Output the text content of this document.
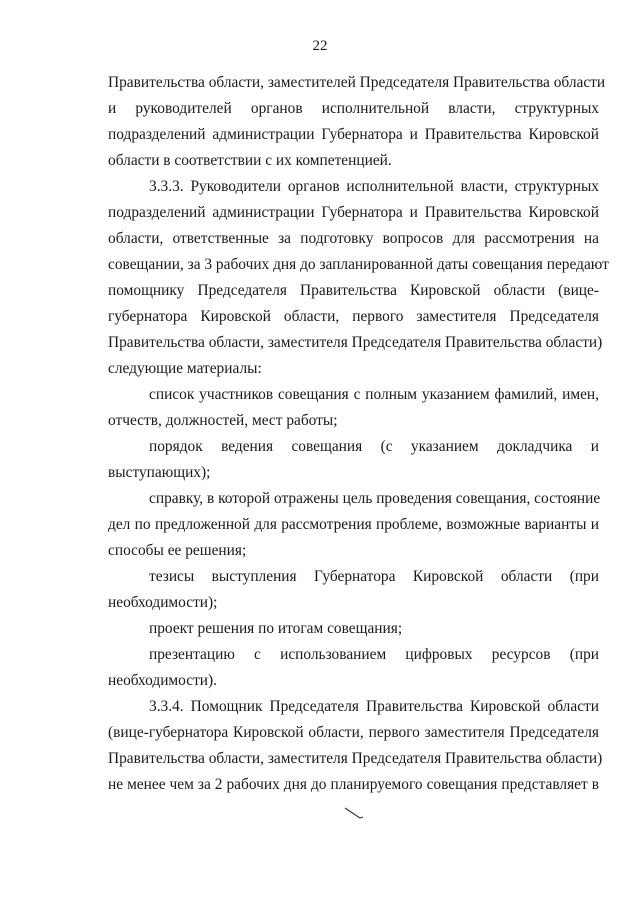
22
Правительства области, заместителей Председателя Правительства области
и руководителей органов исполнительной власти, структурных
подразделений администрации Губернатора и Правительства Кировской
области в соответствии с их компетенцией.
3.3.3. Руководители органов исполнительной власти, структурных
подразделений администрации Губернатора и Правительства Кировской
области, ответственные за подготовку вопросов для рассмотрения на
совещании, за 3 рабочих дня до запланированной даты совещания передают
помощнику Председателя Правительства Кировской области (вице-
губернатора Кировской области, первого заместителя Председателя
Правительства области, заместителя Председателя Правительства области)
следующие материалы:
список участников совещания с полным указанием фамилий, имен,
отчеств, должностей, мест работы;
порядок ведения совещания (с указанием докладчика и
выступающих);
справку, в которой отражены цель проведения совещания, состояние
дел по предложенной для рассмотрения проблеме, возможные варианты и
способы ее решения;
тезисы выступления Губернатора Кировской области (при
необходимости);
проект решения по итогам совещания;
презентацию с использованием цифровых ресурсов (при
необходимости).
3.3.4. Помощник Председателя Правительства Кировской области
(вице-губернатора Кировской области, первого заместителя Председателя
Правительства области, заместителя Председателя Правительства области)
не менее чем за 2 рабочих дня до планируемого совещания представляет в
